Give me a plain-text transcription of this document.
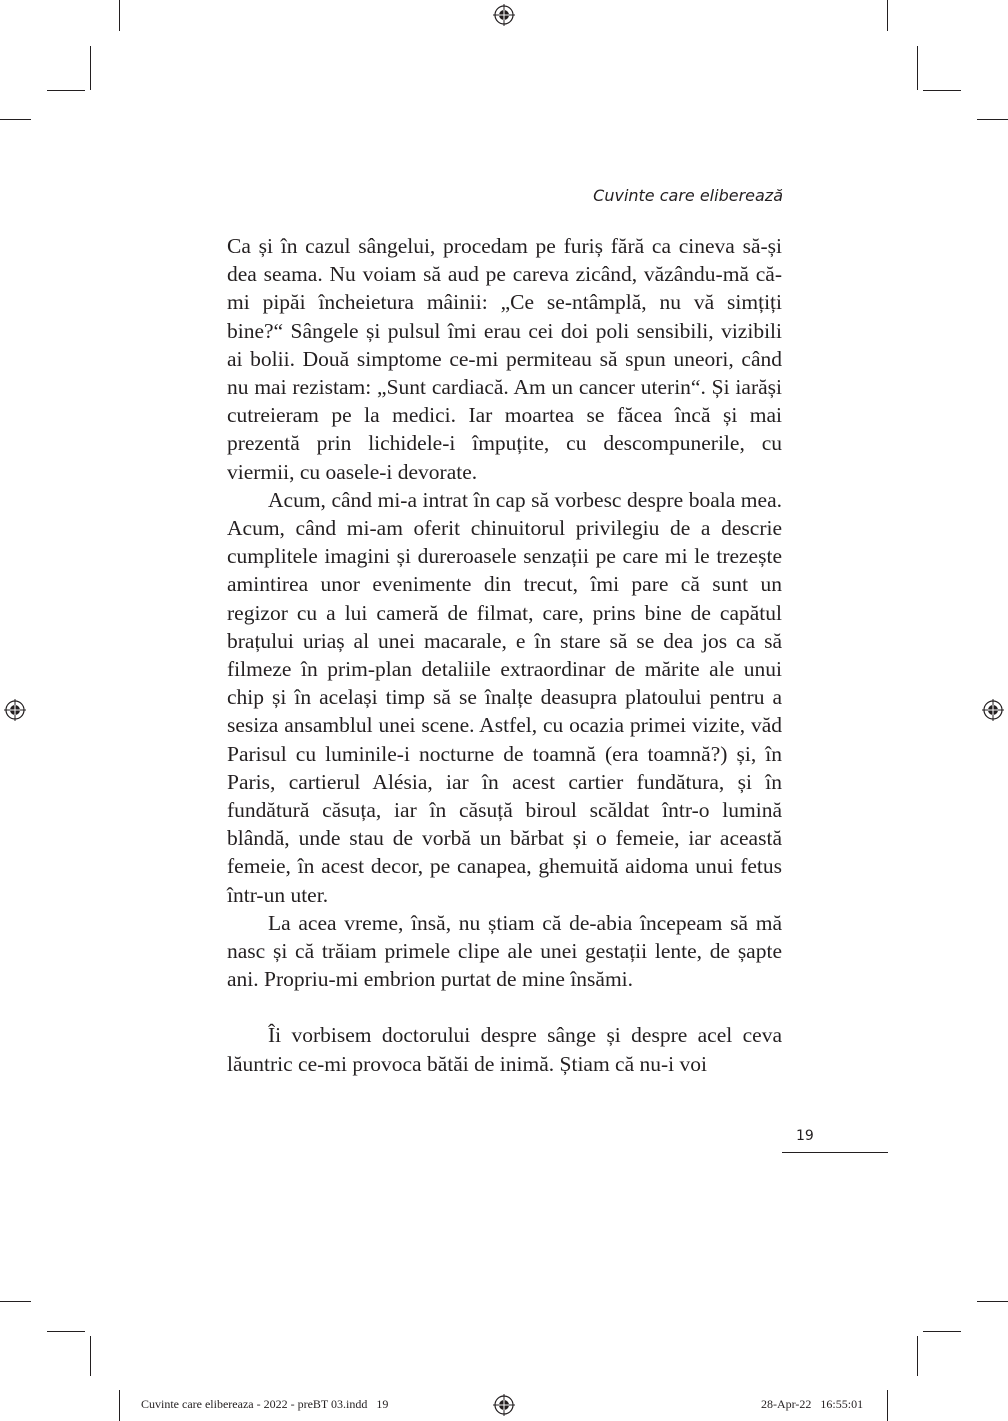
Cuvinte care eliberează

Ca și în cazul sângelui, procedam pe furiș fără ca cineva să-și dea seama. Nu voiam să aud pe careva zicând, văzându-mă că-mi pipăi încheietura mâinii: „Ce se-ntâmplă, nu vă simțiți bine?“ Sângele și pulsul îmi erau cei doi poli sensibili, vizibili ai bolii. Două simptome ce-mi permiteau să spun uneori, când nu mai rezistam: „Sunt cardiacă. Am un cancer uterin“. Și iarăși cutreieram pe la medici. Iar moartea se făcea încă și mai prezentă prin lichidele-i împuțite, cu descompunerile, cu viermii, cu oasele-i devorate.

Acum, când mi-a intrat în cap să vorbesc despre boala mea. Acum, când mi-am oferit chinuitorul privilegiu de a descrie cumplitele imagini și dureroasele senzații pe care mi le trezește amintirea unor evenimente din trecut, îmi pare că sunt un regizor cu a lui cameră de filmat, care, prins bine de capătul brațului uriaș al unei macarale, e în stare să se dea jos ca să filmeze în prim-plan detaliile extraordinar de mărite ale unui chip și în același timp să se înalțe deasupra platoului pentru a sesiza ansamblul unei scene. Astfel, cu ocazia primei vizite, văd Parisul cu luminile-i nocturne de toamnă (era toamnă?) și, în Paris, cartierul Alésia, iar în acest cartier fundătura, și în fundătură căsuța, iar în căsuță biroul scăldat într-o lumină blândă, unde stau de vorbă un bărbat și o femeie, iar această femeie, în acest decor, pe canapea, ghemuită aidoma unui fetus într-un uter.

La acea vreme, însă, nu știam că de-abia începeam să mă nasc și că trăiam primele clipe ale unei gestații lente, de șapte ani. Propriu-mi embrion purtat de mine însămi.

Îi vorbisem doctorului despre sânge și despre acel ceva lăuntric ce-mi provoca bătăi de inimă. Știam că nu-i voi

19
Cuvinte care elibereaza - 2022 - preBT 03.indd   19	28-Apr-22   16:55:01
